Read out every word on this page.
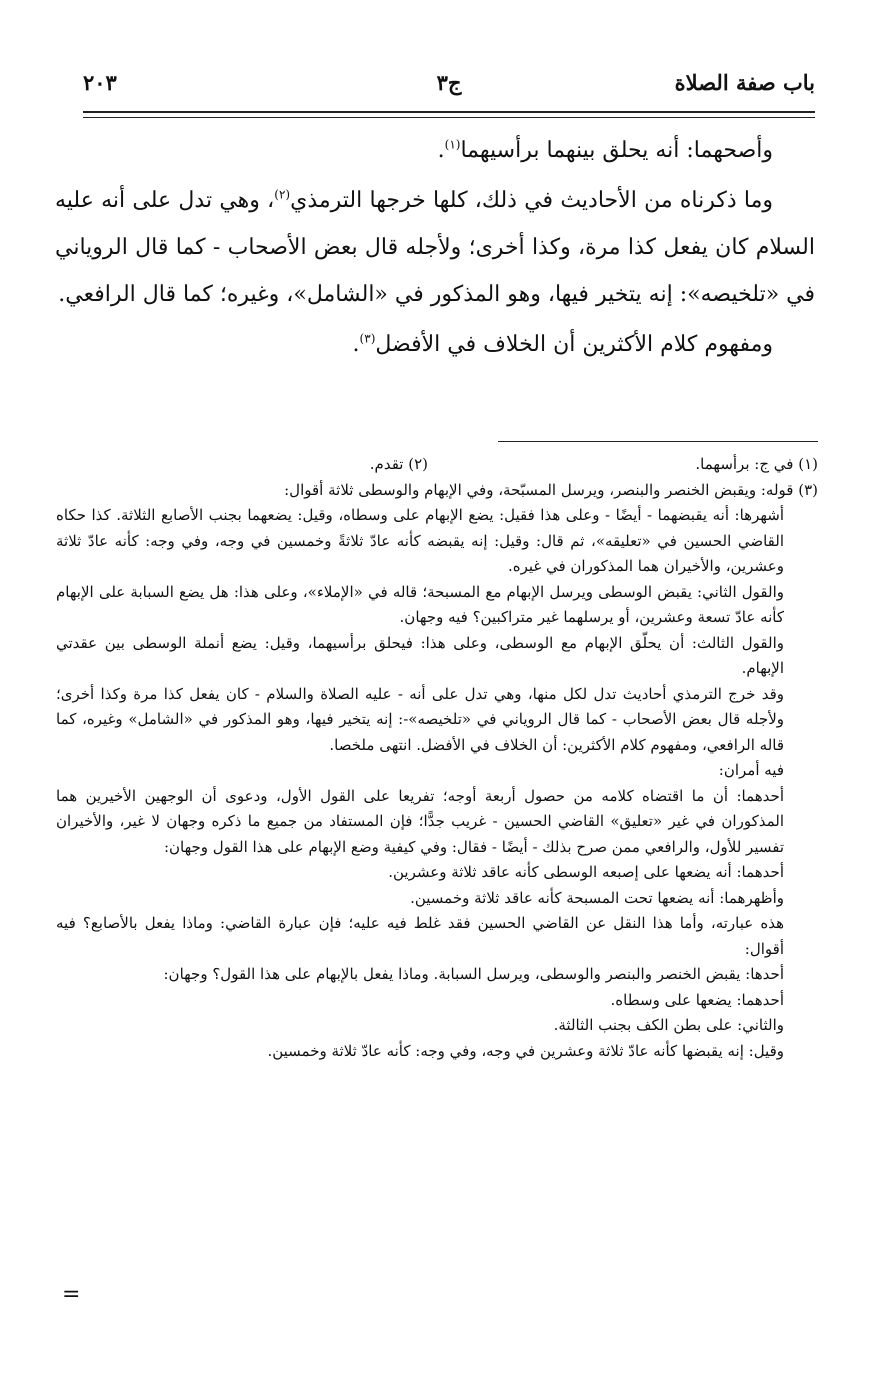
باب صفة الصلاة
ج٣
٢٠٣

وأصحهما: أنه يحلق بينهما برأسيهما$^{(١)}$.

وما ذكرناه من الأحاديث في ذلك، كلها خرجها الترمذي$^{(٢)}$، وهي تدل على أنه عليه السلام كان يفعل كذا مرة، وكذا أخرى؛ ولأجله قال بعض الأصحاب - كما قال الروياني في «تلخيصه»: إنه يتخير فيها، وهو المذكور في «الشامل»، وغيره؛ كما قال الرافعي.

ومفهوم كلام الأكثرين أن الخلاف في الأفضل$^{(٣)}$.

(١) في ج: برأسهما.
(٢) تقدم.
(٣) قوله: ويقبض الخنصر والبنصر، ويرسل المسبّحة، وفي الإبهام والوسطى ثلاثة أقوال:
أشهرها: أنه يقبضهما - أيضًا - وعلى هذا فقيل: يضع الإبهام على وسطاه، وقيل: يضعهما بجنب الأصابع الثلاثة. كذا حكاه القاضي الحسين في «تعليقه»، ثم قال: وقيل: إنه يقبضه كأنه عادّ ثلاثةً وخمسين في وجه، وفي وجه: كأنه عادّ ثلاثة وعشرين، والأخيران هما المذكوران في غيره.
والقول الثاني: يقبض الوسطى ويرسل الإبهام مع المسبحة؛ قاله في «الإملاء»، وعلى هذا: هل يضع السبابة على الإبهام كأنه عادّ تسعة وعشرين، أو يرسلهما غير متراكبين؟ فيه وجهان.
والقول الثالث: أن يحلّق الإبهام مع الوسطى، وعلى هذا: فيحلق برأسيهما، وقيل: يضع أنملة الوسطى بين عقدتي الإبهام.
وقد خرج الترمذي أحاديث تدل لكل منها، وهي تدل على أنه - عليه الصلاة والسلام - كان يفعل كذا مرة وكذا أخرى؛ ولأجله قال بعض الأصحاب - كما قال الروياني في «تلخيصه»-: إنه يتخير فيها، وهو المذكور في «الشامل» وغيره، كما قاله الرافعي، ومفهوم كلام الأكثرين: أن الخلاف في الأفضل. انتهى ملخصا.
فيه أمران:
أحدهما: أن ما اقتضاه كلامه من حصول أربعة أوجه؛ تفريعا على القول الأول، ودعوى أن الوجهين الأخيرين هما المذكوران في غير «تعليق» القاضي الحسين - غريب جدًّا؛ فإن المستفاد من جميع ما ذكره وجهان لا غير، والأخيران تفسير للأول، والرافعي ممن صرح بذلك - أيضًا - فقال: وفي كيفية وضع الإبهام على هذا القول وجهان:
أحدهما: أنه يضعها على إصبعه الوسطى كأنه عاقد ثلاثة وعشرين.
وأظهرهما: أنه يضعها تحت المسبحة كأنه عاقد ثلاثة وخمسين.
هذه عبارته، وأما هذا النقل عن القاضي الحسين فقد غلط فيه عليه؛ فإن عبارة القاضي: وماذا يفعل بالأصابع؟ فيه أقوال:
أحدها: يقبض الخنصر والبنصر والوسطى، ويرسل السبابة. وماذا يفعل بالإبهام على هذا القول؟ وجهان:
أحدهما: يضعها على وسطاه.
والثاني: على بطن الكف بجنب الثالثة.
وقيل: إنه يقبضها كأنه عادّ ثلاثة وعشرين في وجه، وفي وجه: كأنه عادّ ثلاثة وخمسين.
=
